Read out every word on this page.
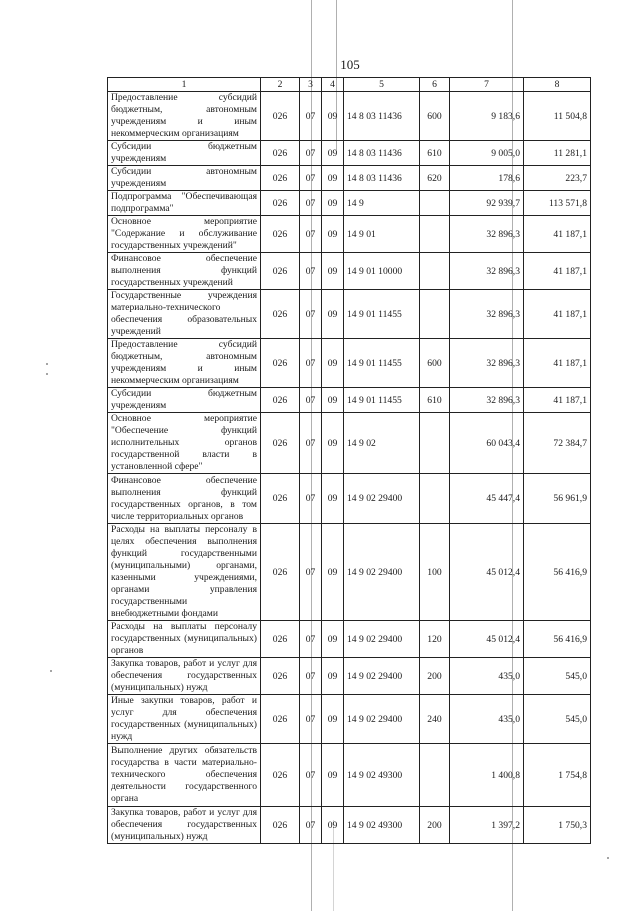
105
1	2	3	4	5	6	7	8
Предоставление субсидий бюджетным, автономным учреждениям и иным некоммерческим организациям	026	07	09	14 8 03 11436	600	9 183,6	11 504,8
Субсидии бюджетным учреждениям	026	07	09	14 8 03 11436	610	9 005,0	11 281,1
Субсидии автономным учреждениям	026	07	09	14 8 03 11436	620	178,6	223,7
Подпрограмма "Обеспечивающая подпрограмма"	026	07	09	14 9		92 939,7	113 571,8
Основное мероприятие "Содержание и обслуживание государственных учреждений"	026	07	09	14 9 01		32 896,3	41 187,1
Финансовое обеспечение выполнения функций государственных учреждений	026	07	09	14 9 01 10000		32 896,3	41 187,1
Государственные учреждения материально-технического обеспечения образовательных учреждений	026	07	09	14 9 01 11455		32 896,3	41 187,1
Предоставление субсидий бюджетным, автономным учреждениям и иным некоммерческим организациям	026	07	09	14 9 01 11455	600	32 896,3	41 187,1
Субсидии бюджетным учреждениям	026	07	09	14 9 01 11455	610	32 896,3	41 187,1
Основное мероприятие "Обеспечение функций исполнительных органов государственной власти в установленной сфере"	026	07	09	14 9 02		60 043,4	72 384,7
Финансовое обеспечение выполнения функций государственных органов, в том числе территориальных органов	026	07	09	14 9 02 29400		45 447,4	56 961,9
Расходы на выплаты персоналу в целях обеспечения выполнения функций государственными (муниципальными) органами, казенными учреждениями, органами управления государственными внебюджетными фондами	026	07	09	14 9 02 29400	100	45 012,4	56 416,9
Расходы на выплаты персоналу государственных (муниципальных) органов	026	07	09	14 9 02 29400	120	45 012,4	56 416,9
Закупка товаров, работ и услуг для обеспечения государственных (муниципальных) нужд	026	07	09	14 9 02 29400	200	435,0	545,0
Иные закупки товаров, работ и услуг для обеспечения государственных (муниципальных) нужд	026	07	09	14 9 02 29400	240	435,0	545,0
Выполнение других обязательств государства в части материально-технического обеспечения деятельности государственного органа	026	07	09	14 9 02 49300		1 400,8	1 754,8
Закупка товаров, работ и услуг для обеспечения государственных (муниципальных) нужд	026	07	09	14 9 02 49300	200	1 397,2	1 750,3
